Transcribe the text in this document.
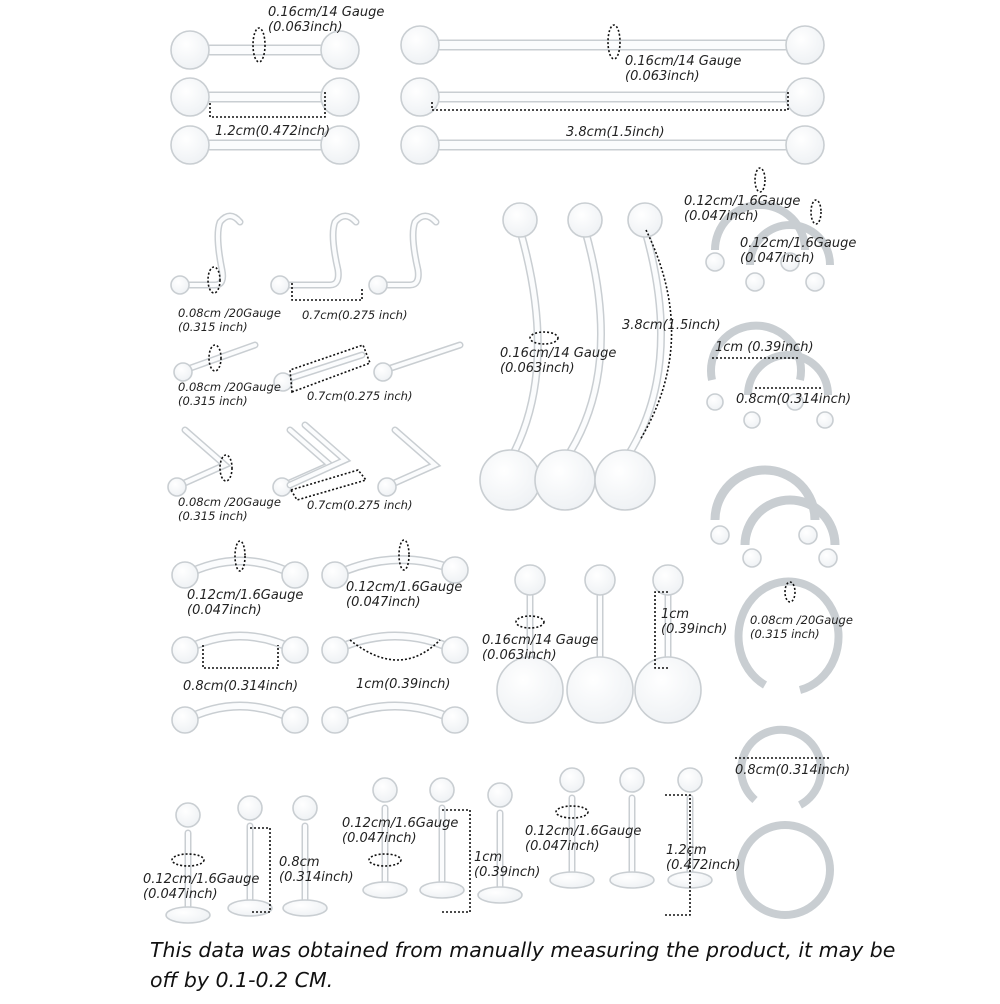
0.16cm/14 Gauge
(0.063inch)
0.16cm/14 Gauge
(0.063inch)
1.2cm(0.472inch)	3.8cm(1.5inch)
0.12cm/1.6Gauge
(0.047inch)
0.12cm/1.6Gauge
(0.047inch)
0.08cm /20Gauge
(0.315 inch)
0.7cm(0.275 inch)
0.16cm/14 Gauge
(0.063inch)
3.8cm(1.5inch)
0.08cm /20Gauge
(0.315 inch)	0.7cm(0.275 inch)
1cm (0.39inch)
0.8cm(0.314inch)
0.08cm /20Gauge
(0.315 inch)
0.7cm(0.275 inch)
0.12cm/1.6Gauge
(0.047inch)
0.12cm/1.6Gauge
(0.047inch)
0.16cm/14 Gauge
(0.063inch)
1cm
(0.39inch)
0.08cm /20Gauge
(0.315 inch)
0.8cm(0.314inch)	1cm(0.39inch)
0.8cm(0.314inch)
0.12cm/1.6Gauge
(0.047inch)
0.8cm
(0.314inch)
0.12cm/1.6Gauge
(0.047inch)
1cm
(0.39inch)
0.12cm/1.6Gauge
(0.047inch)	1.2cm
(0.472inch)
This data was obtained from manually measuring the product, it may be off by 0.1-0.2 CM.
